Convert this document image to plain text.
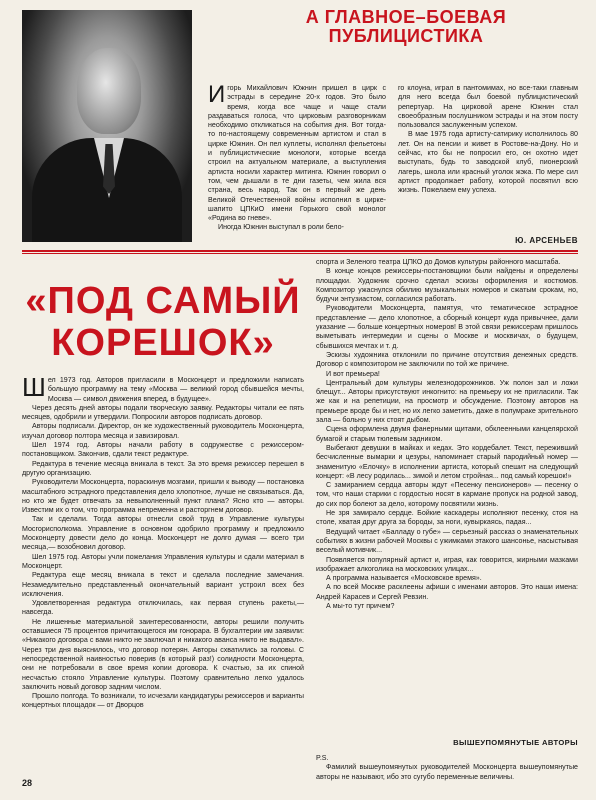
А ГЛАВНОЕ–БОЕВАЯ
ПУБЛИЦИСТИКА

Игорь Михайлович Южнин пришел в цирк с эстрады в середине 20-х годов. Это было время, когда все чаще и чаще стали раздаваться голоса, что цирковым разговорникам необходимо откликаться на события дня. Вот тогда-то по-настоящему современным артистом и стал в цирке Южнин. Он пел куплеты, исполнял фельетоны и публицистические монологи, которые всегда строил на актуальном материале, а выступления артиста носили характер митинга. Южнин говорил о том, чем дышали в те дни газеты, чем жила вся страна, весь народ. Так он в первый же день Великой Отечественной войны исполнил в цирке-шапито ЦПКиО имени Горького свой монолог «Родина во гневе».

Иногда Южнин выступал в роли бело-

го клоуна, играл в пантомимах, но все-таки главным для него всегда был боевой публицистический репертуар. На цирковой арене Южнин стал своеобразным послушником эстрады и на этом посту пользовался заслуженным успехом.

В мае 1975 года артисту-сатирику исполнилось 80 лет. Он на пенсии и живет в Ростове-на-Дону. Но и сейчас, кто бы не попросил его, он охотно идет выступать, будь то заводской клуб, пионерский лагерь, школа или красный уголок жэка. По мере сил артист продолжает работу, которой посвятил всю жизнь. Пожелаем ему успеха.

Ю. АРСЕНЬЕВ
«ПОД САМЫЙ КОРЕШОК»

Шел 1973 год. Авторов пригласили в Москонцерт и предложили написать большую программу на тему «Москва — великий город сбывшейся мечты, Москва — символ движения вперед, в будущее».

Через десять дней авторы подали творческую заявку. Редакторы читали ее пять месяцев, одобрили и утвердили. Попросили авторов подписать договор.

Авторы подписали. Директор, он же художественный руководитель Москонцерта, изучал договор полтора месяца и завизировал.

Шел 1974 год. Авторы начали работу в содружестве с режиссером-постановщиком. Закончив, сдали текст редактуре.

Редактура в течение месяца вникала в текст. За это время режиссер перешел в другую организацию.

Руководители Москонцерта, пораскинув мозгами, пришли к выводу — постановка масштабного эстрадного представления дело хлопотное, лучше не связываться. Да, но кто же будет отвечать за невыполненный пункт плана? Ясно кто — авторы. Известим их о том, что программа непременна и расторгнем договор.

Так и сделали. Тогда авторы отнесли свой труд в Управление культуры Мосгорисполкома. Управление в основном одобрило программу и предложило Москонцерту довести дело до конца. Москонцерт не долго думая — всего три месяца,— возобновил договор.

Шел 1975 год. Авторы учли пожелания Управления культуры и сдали материал в Москонцерт.

Редактура еще месяц вникала в текст и сделала последние замечания. Незамедлительно представленный окончательный вариант устроил всех без исключения.

Удовлетворенная редактура отключилась, как первая ступень ракеты,— навсегда.

Не лишенные материальной заинтересованности, авторы решили получить оставшиеся 75 процентов причитающегося им гонорара. В бухгалтерии им заявили: «Никакого договора с вами никто не заключал и никакого аванса никто не выдавал». Через три дня выяснилось, что договор потерян. Авторы схватились за головы. С непосредственной наивностью поверив (в который раз!) солидности Москонцерта, они не потребовали в свое время копии договора. К счастью, за их спиной несчастью стояло Управление культуры. Поэтому сравнительно легко удалось заключить новый договор задним числом.

Прошло полгода. То возникали, то исчезали кандидатуры режиссеров и варианты концертных площадок — от Дворцов

спорта и Зеленого театра ЦПКО до Домов культуры районного масштаба.

В конце концов режиссеры-постановщики были найдены и определены площадки. Художник срочно сделал эскизы оформления и костюмов. Композитор ужаснулся обилию музыкальных номеров и сжатым срокам, но, будучи энтузиастом, согласился работать.

Руководители Москонцерта, памятуя, что тематическое эстрадное представление — дело хлопотное, а сборный концерт куда привычнее, дали указание — больше концертных номеров! В этой связи режиссерам пришлось выметывать интермедии и сцены о Москве и москвичах, о будущем, сбывшихся мечтах и т. д.

Эскизы художника отклонили по причине отсутствия денежных средств. Договор с композитором не заключили по той же причине.

И вот премьера!

Центральный дом культуры железнодорожников. Уж полон зал и ложи блещут... Авторы присутствуют инкогнито: на премьеру их не пригласили. Так же как и на репетиции, на просмотр и обсуждение. Поэтому авторов на премьере вроде бы и нет, но их легко заметить, даже в полумраке зрительного зала — больно у них стоят дыбом.

Сцена оформлена двумя фанерными щитами, обклеенными канцелярской бумагой и старым тюлевым задником.

Выбегают девушки в майках и кедах. Это кордебалет. Текст, переживший бесчисленные вымарки и цезуры, напоминает старый пародийный номер — знаменитую «Елочку» в исполнении артиста, который спешит на следующий концерт: «В лесу родилась... зимой и летом стройная... под самый корешок!»

С замиранием сердца авторы ждут «Песенку пенсионеров» — песенку о том, что наши старики с гордостью носят в кармане пропуск на родной завод, до сих пор болеют за дело, которому посвятили жизнь.

Не зря замирало сердце. Бойкие каскадеры исполняют песенку, стоя на столе, хватая друг друга за бороды, за ноги, кувыркаясь, падая...

Ведущий читает «Балладу о губе» — серьезный рассказ о знаменательных событиях в жизни рабочей Москвы с ужимками этакого шансонье, насыстывая веселый мотивчик...

Появляется популярный артист и, играя, как говорится, жирными мазками изображает алкоголика на московских улицах...

А программа называется «Московское время».

А по всей Москве расклеены афиши с именами авторов. Это наши имена: Андрей Карасев и Сергей Ревзин.

А мы-то тут причем?

ВЫШЕУПОМЯНУТЫЕ АВТОРЫ

P.S.

Фамилий вышеупомянутых руководителей Москонцерта вышеупомянутые авторы не называют, ибо это сугубо переменные величины.

28
